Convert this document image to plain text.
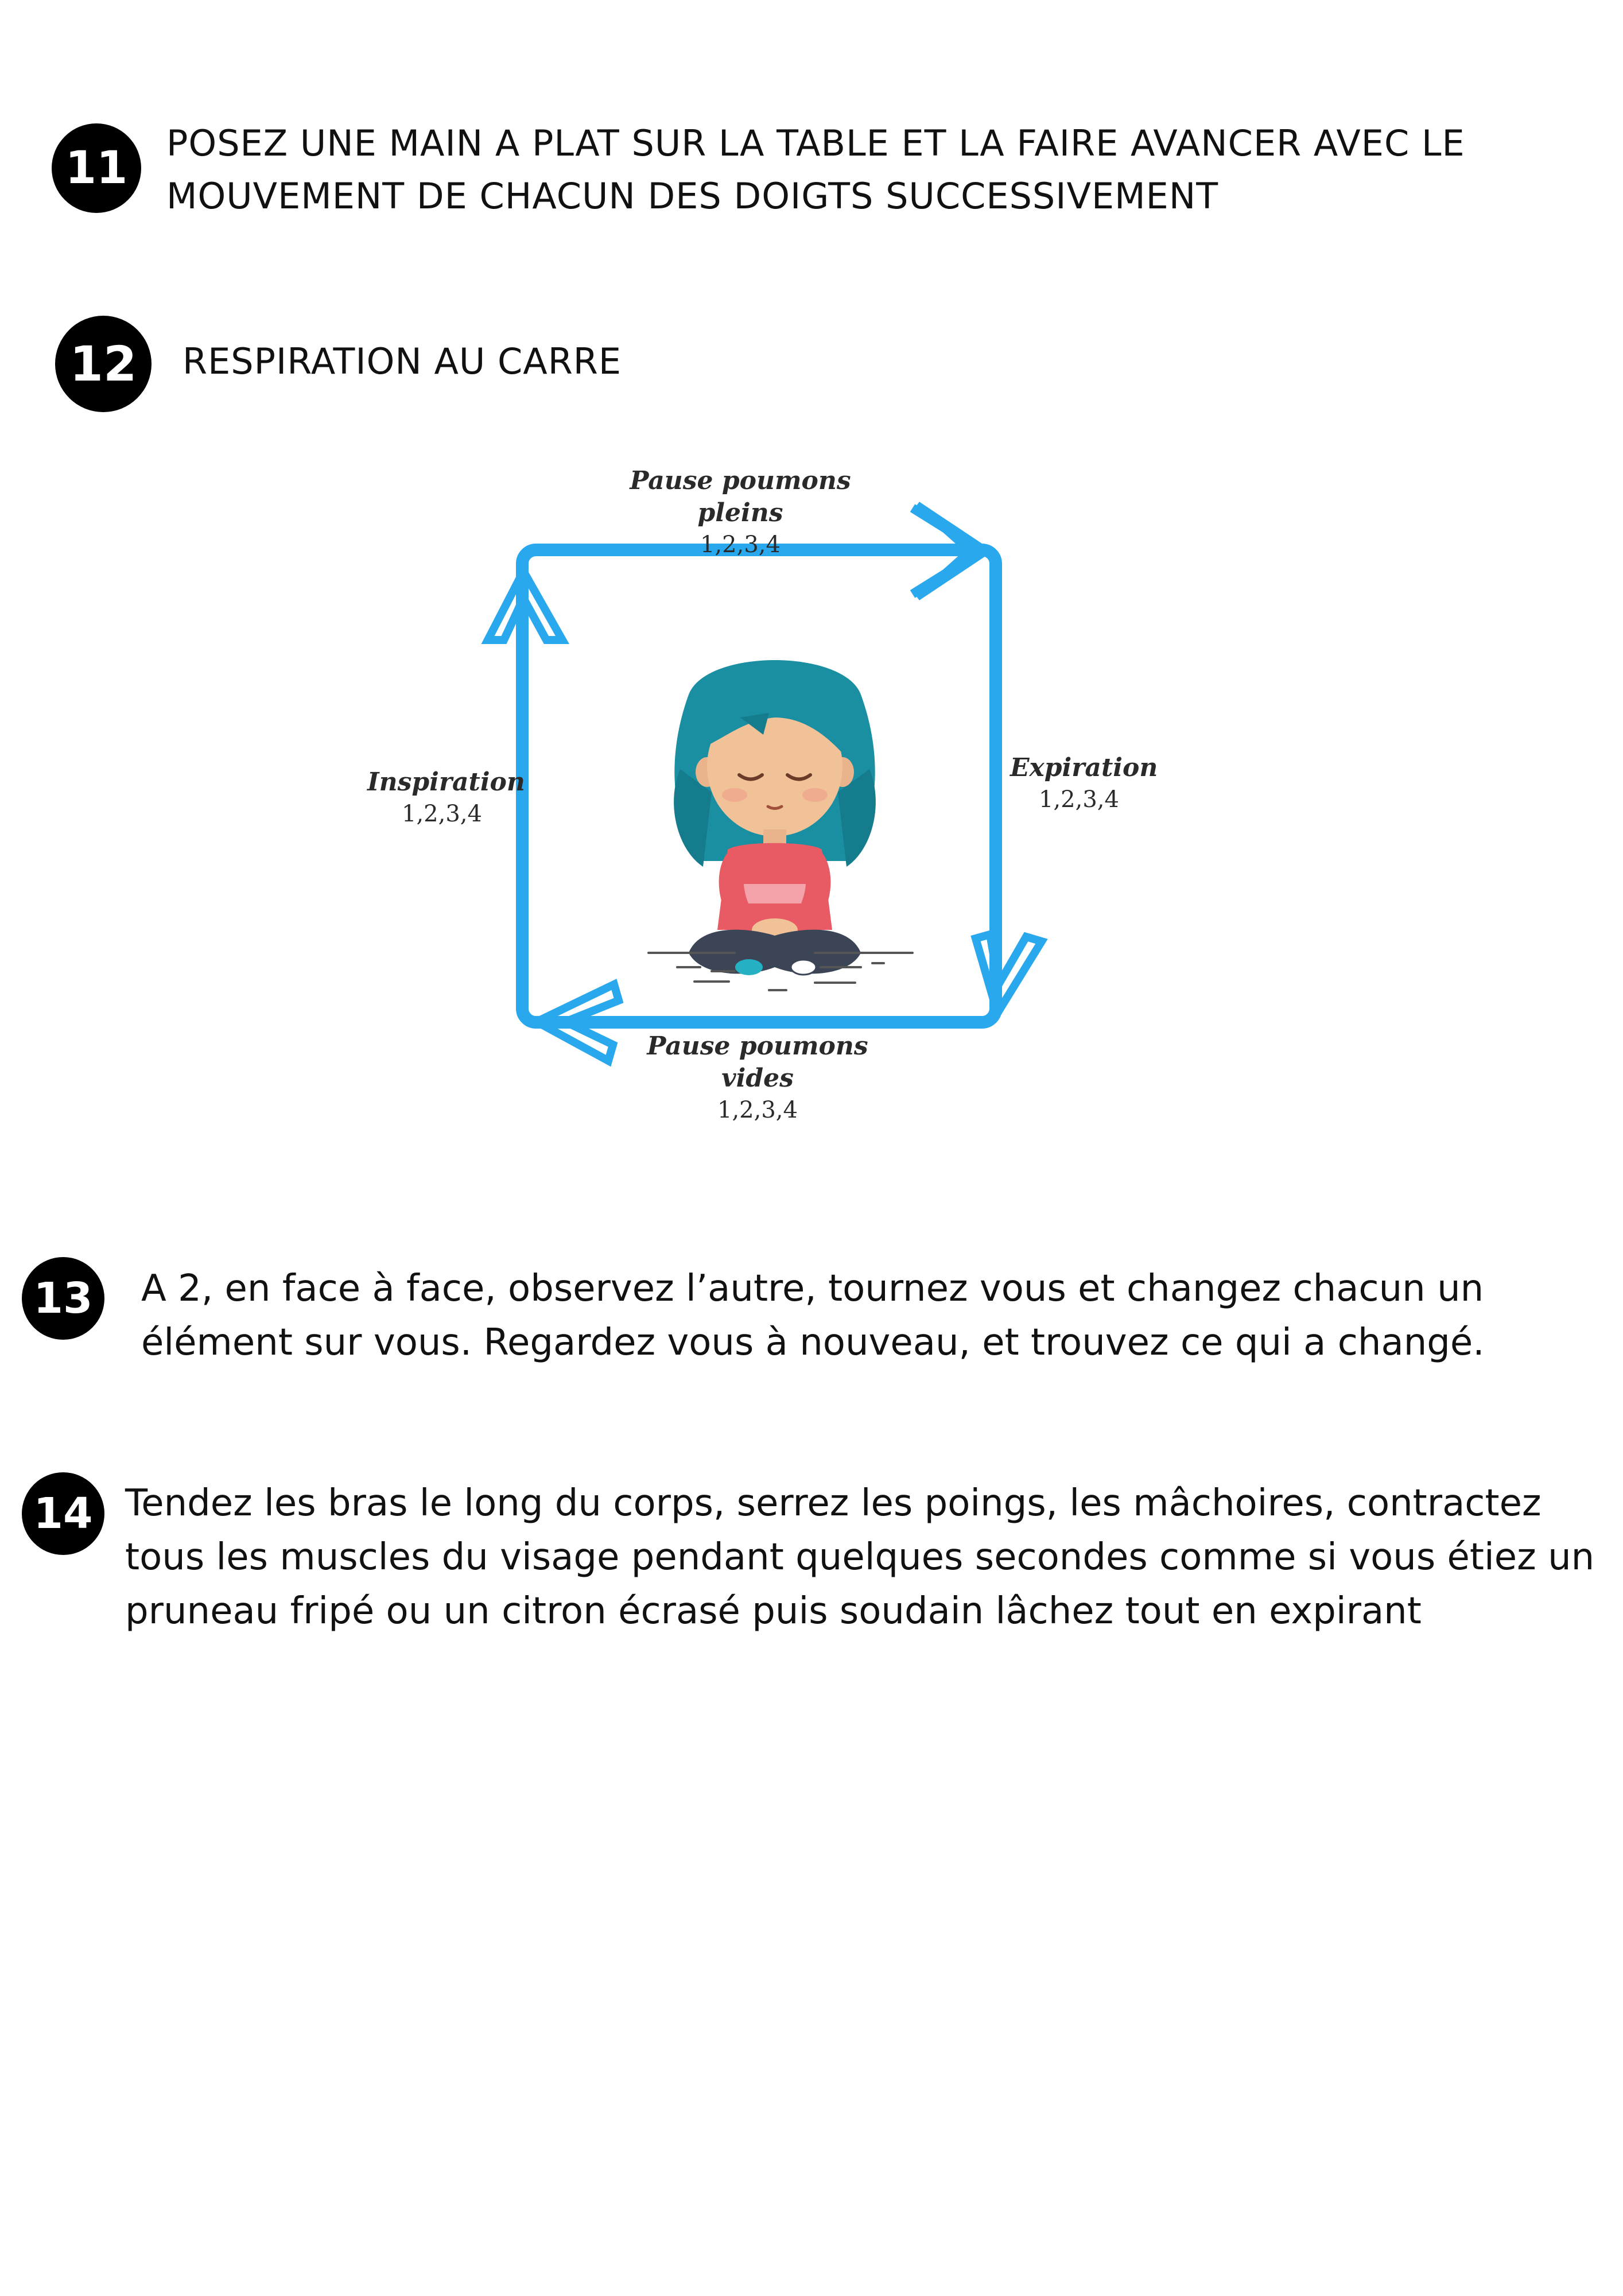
11 POSEZ UNE MAIN A PLAT SUR LA TABLE ET LA FAIRE AVANCER AVEC LE
MOUVEMENT DE CHACUN DES DOIGTS SUCCESSIVEMENT

12 RESPIRATION AU CARRE

Pause poumons pleins
1,2,3,4
Expiration
1,2,3,4
Pause poumons vides
1,2,3,4
Inspiration
1,2,3,4
13 A 2, en face à face, observez l’autre, tournez vous et changez chacun un élément sur vous. Regardez vous à nouveau, et trouvez ce qui a changé.

14 Tendez les bras le long du corps, serrez les poings, les mâchoires, contractez tous les muscles du visage pendant quelques secondes comme si vous étiez un pruneau fripé ou un citron écrasé puis soudain lâchez tout en expirant
